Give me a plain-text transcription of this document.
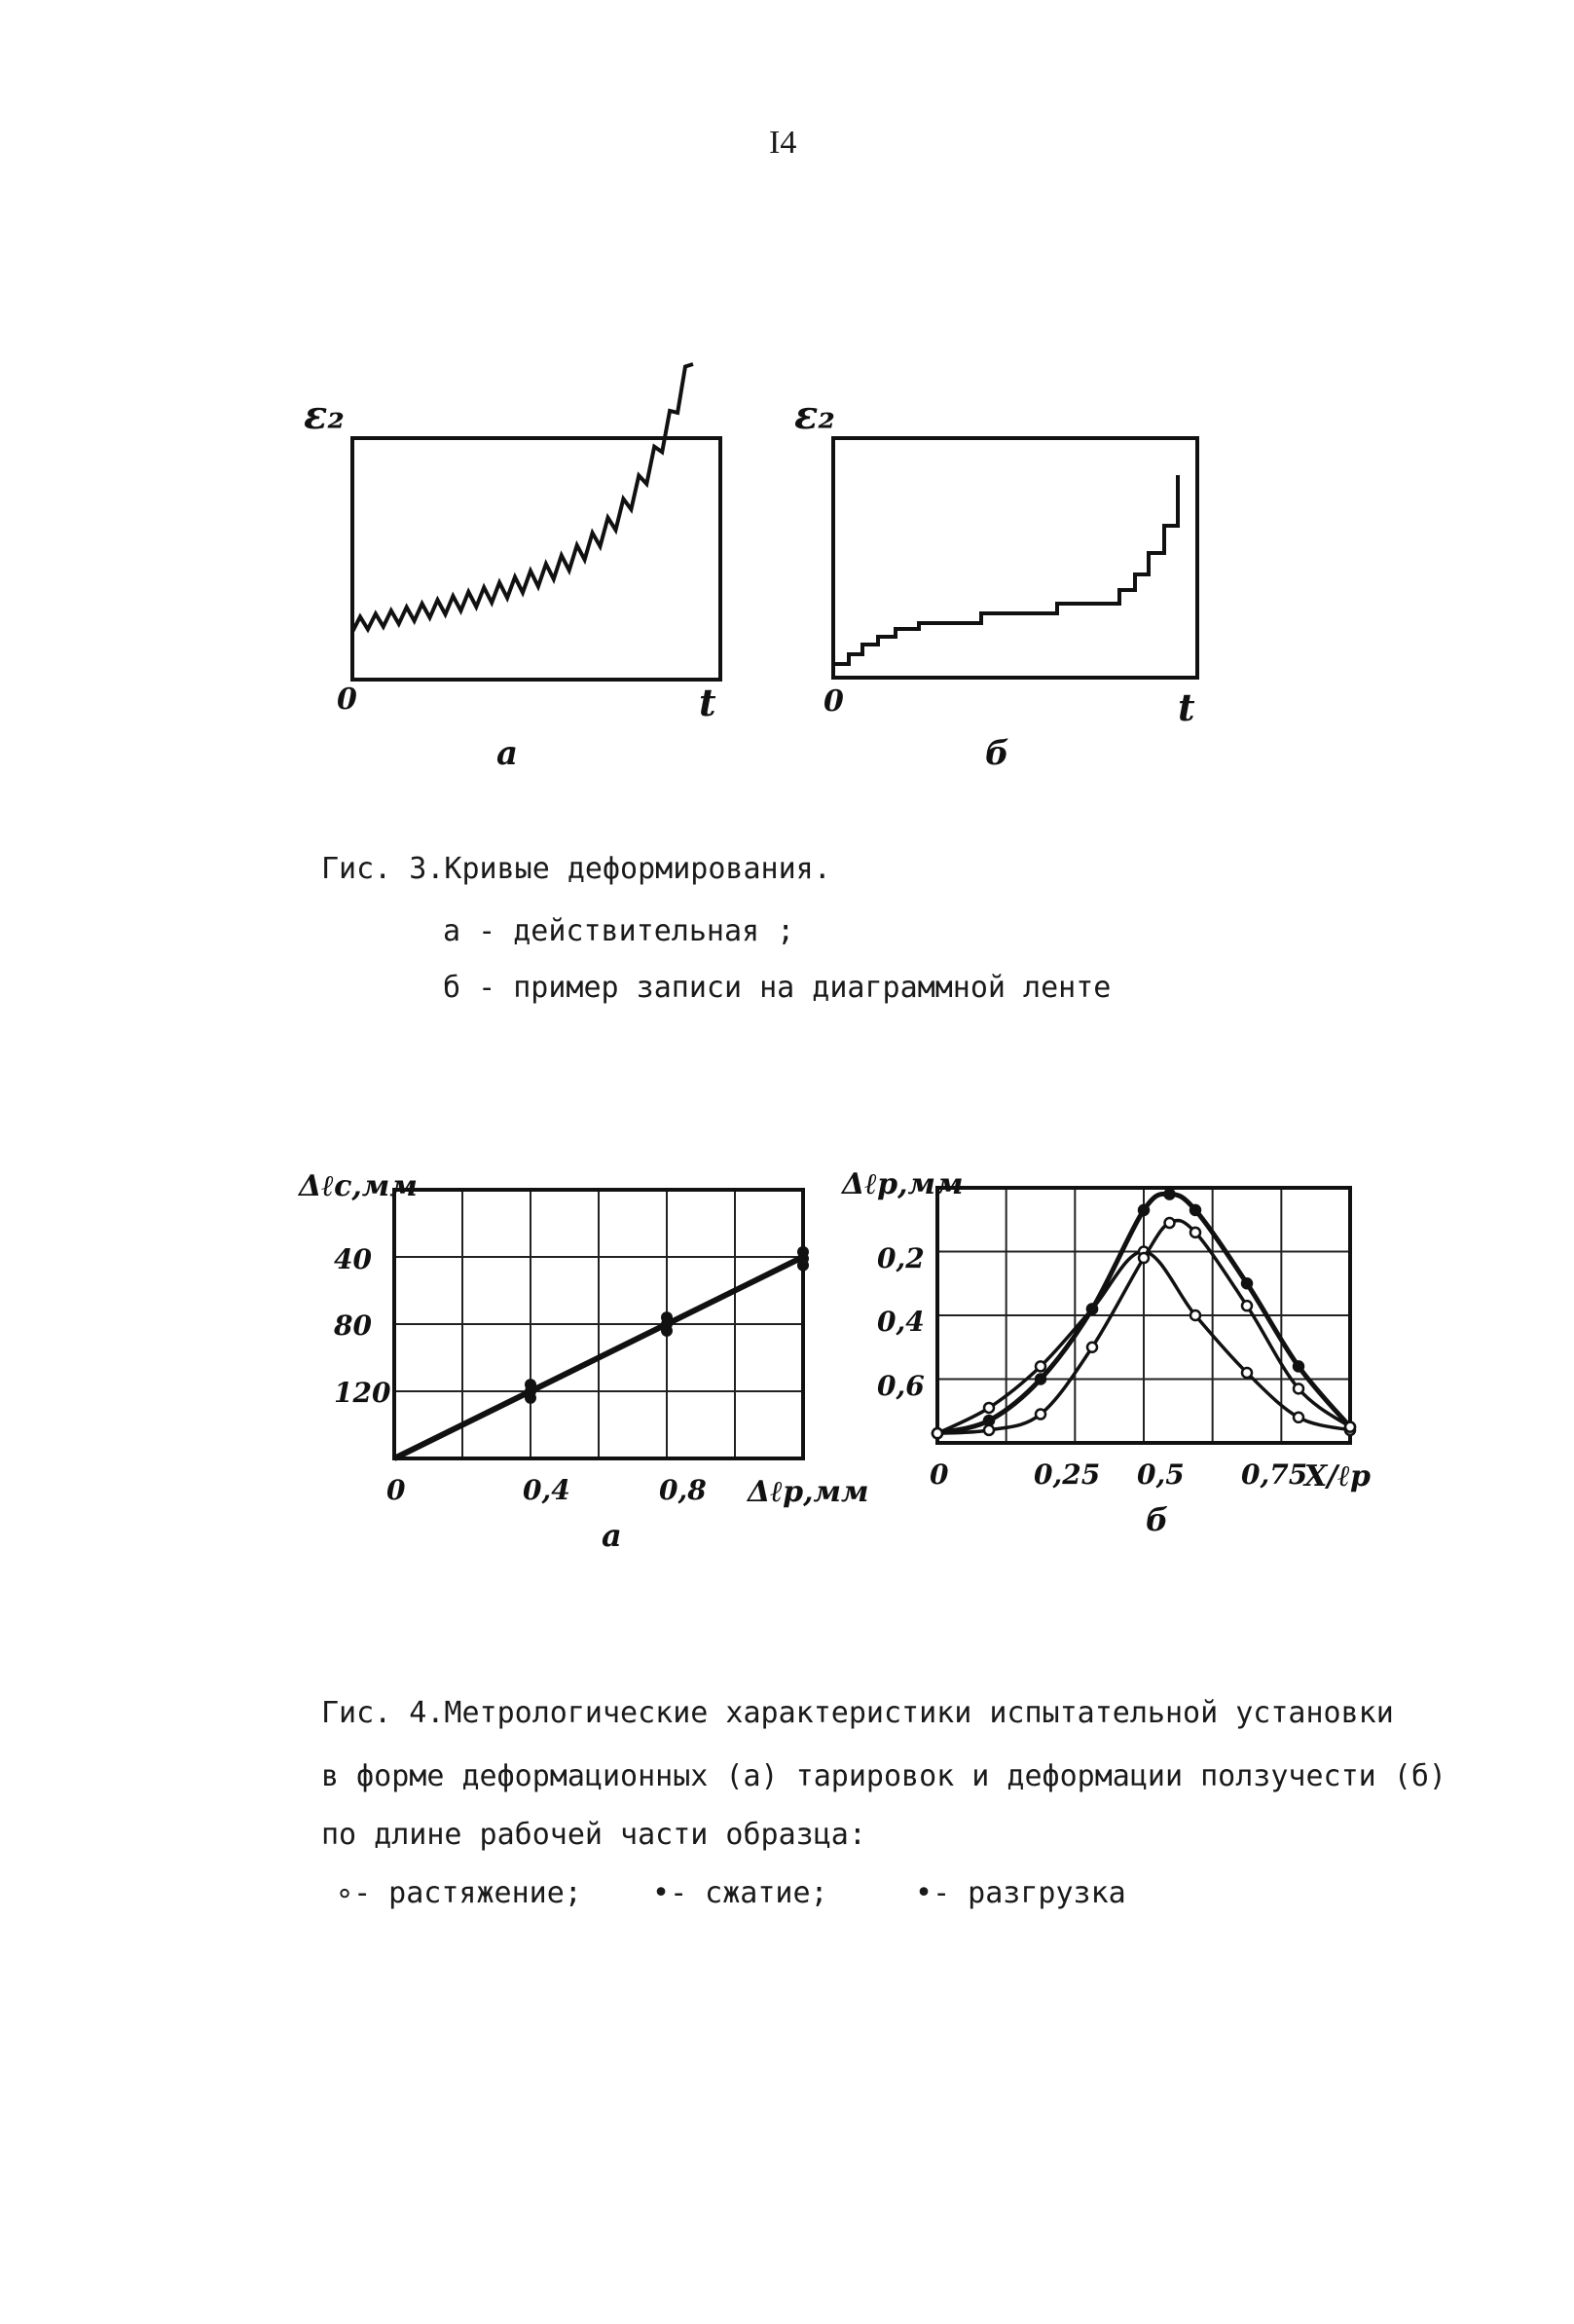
I4
ε₂
0	t
а
ε₂
0	t
б
0	0,4	0,8
40
80
120
Δℓс,мм
Δℓр,мм
а
0	0,25 0,5 0,75
0,2
0,4
0,6
Δℓр,мм
X/ℓр
б
Гис. 3.Кривые деформирования.
а - действительная ;
б - пример записи на диаграммной ленте
Гис. 4.Метрологические характеристики испытательной установки
в форме деформационных (а) тарировок и деформации ползучести (б)
по длине рабочей части образца:
∘- растяжение; •- сжатие;	•- разгрузка
